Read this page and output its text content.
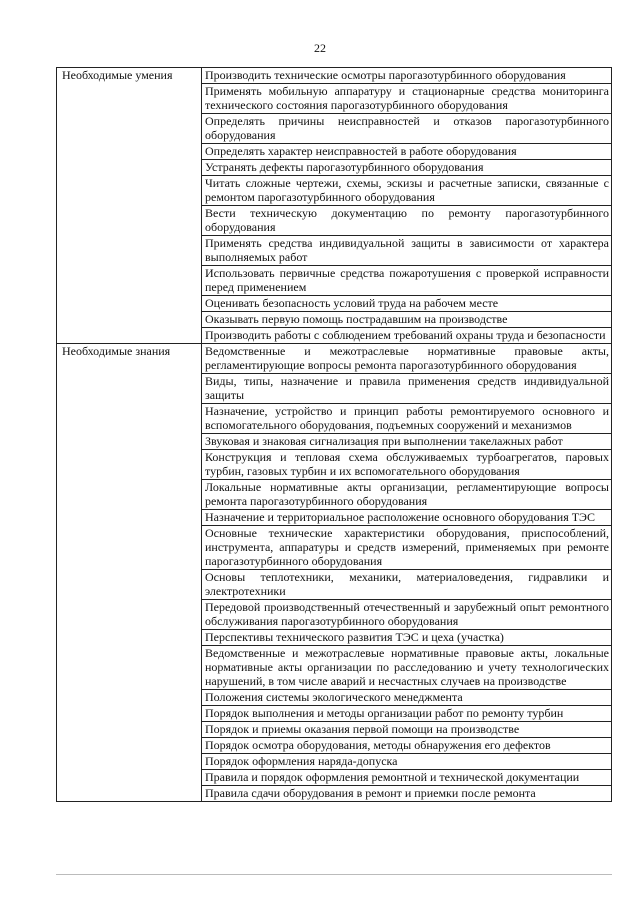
22
Необходимые умения	Производить технические осмотры парогазотурбинного оборудования
	Применять мобильную аппаратуру и стационарные средства мониторинга технического состояния парогазотурбинного оборудования
	Определять причины неисправностей и отказов парогазотурбинного оборудования
	Определять характер неисправностей в работе оборудования
	Устранять дефекты парогазотурбинного оборудования
	Читать сложные чертежи, схемы, эскизы и расчетные записки, связанные с ремонтом парогазотурбинного оборудования
	Вести техническую документацию по ремонту парогазотурбинного оборудования
	Применять средства индивидуальной защиты в зависимости от характера выполняемых работ
	Использовать первичные средства пожаротушения с проверкой исправности перед применением
	Оценивать безопасность условий труда на рабочем месте
	Оказывать первую помощь пострадавшим на производстве
	Производить работы с соблюдением требований охраны труда и безопасности
Необходимые знания	Ведомственные и межотраслевые нормативные правовые акты, регламентирующие вопросы ремонта парогазотурбинного оборудования
	Виды, типы, назначение и правила применения средств индивидуальной защиты
	Назначение, устройство и принцип работы ремонтируемого основного и вспомогательного оборудования, подъемных сооружений и механизмов
	Звуковая и знаковая сигнализация при выполнении такелажных работ
	Конструкция и тепловая схема обслуживаемых турбоагрегатов, паровых турбин, газовых турбин и их вспомогательного оборудования
	Локальные нормативные акты организации, регламентирующие вопросы ремонта парогазотурбинного оборудования
	Назначение и территориальное расположение основного оборудования ТЭС
	Основные технические характеристики оборудования, приспособлений, инструмента, аппаратуры и средств измерений, применяемых при ремонте парогазотурбинного оборудования
	Основы теплотехники, механики, материаловедения, гидравлики и электротехники
	Передовой производственный отечественный и зарубежный опыт ремонтного обслуживания парогазотурбинного оборудования
	Перспективы технического развития ТЭС и цеха (участка)
	Ведомственные и межотраслевые нормативные правовые акты, локальные нормативные акты организации по расследованию и учету технологических нарушений, в том числе аварий и несчастных случаев на производстве
	Положения системы экологического менеджмента
	Порядок выполнения и методы организации работ по ремонту турбин
	Порядок и приемы оказания первой помощи на производстве
	Порядок осмотра оборудования, методы обнаружения его дефектов
	Порядок оформления наряда-допуска
	Правила и порядок оформления ремонтной и технической документации
	Правила сдачи оборудования в ремонт и приемки после ремонта
